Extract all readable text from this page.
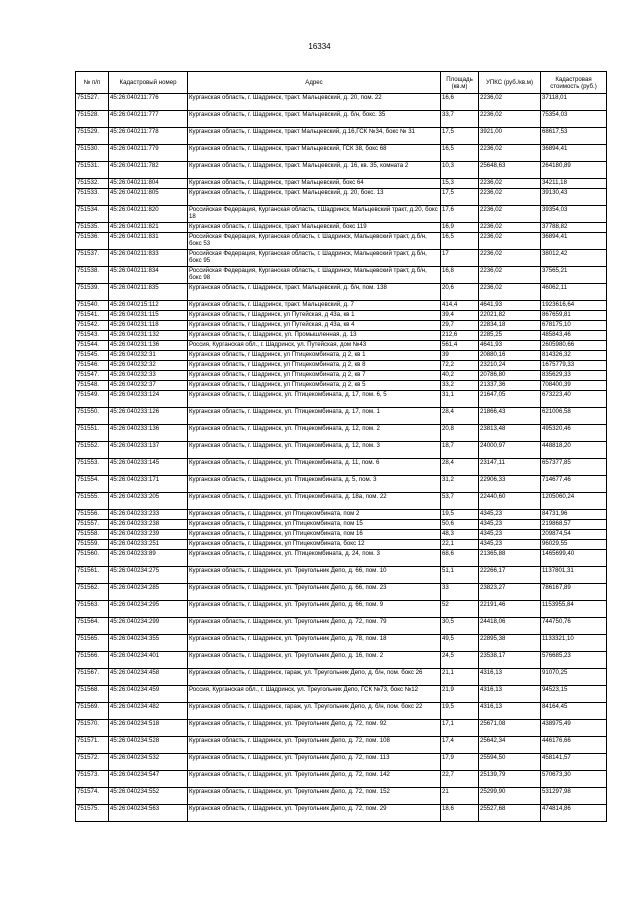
16334
№ п/п	Кадастровый номер	Адрес	Площадь (кв.м)	УПКС (руб./кв.м)	Кадастровая стоимость (руб.)
751527.	45:26:040211:776	Курганская область, г. Шадринск, тракт. Мальцевский, д. 20, пом. 22	16,6	2236,02	37118,01
751528.	45:26:040211:777	Курганская область, г. Шадринск, тракт. Мальцевский, д. б/н, бокс. 35	33,7	2236,02	75354,03
751529.	45:26:040211:778	Курганская область, г. Шадринск, тракт Мальцевский, д.16,ГСК №34, бокс № 31	17,5	3921,00	68617,53
751530.	45:26:040211:779	Курганская область, г. Шадринск, тракт Мальцевский, ГСК 38, бокс 68	16,5	2236,02	36894,41
751531.	45:26:040211:782	Курганская область, г. Шадринск, тракт. Мальцевский, д. 16, кв. 35, комната 2	10,3	25648,63	264180,89
751532.	45:26:040211:804	Курганская область, г. Шадринск, тракт Мальцевский, бокс 64	15,3	2236,02	34211,18
751533.	45:26:040211:805	Курганская область, г. Шадринск, тракт. Мальцевский, д. 20, бокс. 13	17,5	2236,02	39130,43
751534.	45:26:040211:820	Российская Федерация, Курганская область, г.Шадринск, Мальцевский тракт, д.20, бокс 18	17,6	2236,02	39354,03
751535.	45:26:040211:821	Курганская область, г. Шадринск, тракт Мальцевский, бокс 119	16,9	2236,02	37788,82
751536.	45:26:040211:831	Российская Федерация, Курганская область, г. Шадринск, Мальцевский тракт, д.б/н, бокс 53	16,5	2236,02	36894,41
751537.	45:26:040211:833	Российская Федерация, Курганская область, г. Шадринск, Мальцевский тракт, д.б/н, бокс 95	17	2236,02	38012,42
751538.	45:26:040211:834	Российская Федерация, Курганская область, г. Шадринск, Мальцевский тракт, д.б/н, бокс 98	16,8	2236,02	37565,21
751539.	45:26:040211:835	Курганская область, г. Шадринск, тракт. Мальцевский, д. б/н, пом. 138	20,6	2236,02	46062,11
751540.	45:26:040215:112	Курганская область, г. Шадринск, тракт. Мальцевский, д. 7	414,4	4641,93	1923616,64
751541.	45:26:040231:115	Курганская область, г Шадринск, ул Путейская, д 43а, кв 1	39,4	22021,82	867659,81
751542.	45:26:040231:118	Курганская область, г Шадринск, ул Путейская, д 43а, кв 4	29,7	22834,18	678175,10
751543.	45:26:040231:132	Курганская область, г. Шадринск, ул. Промышленная, д. 13	212,6	2285,25	485843,46
751544.	45:26:040231:136	Россия, Курганская обл., г. Шадринск, ул. Путейская, дом №43	561,4	4641,93	2605980,66
751545.	45:26:040232:31	Курганская область, г Шадринск, ул Птицекомбината, д 2, кв 1	39	20880,16	814326,32
751546.	45:26:040232:32	Курганская область, г Шадринск, ул Птицекомбината, д 2, кв 8	72,2	23210,24	1675779,33
751547.	45:26:040232:33	Курганская область, г Шадринск, ул Птицекомбината, д 2, кв 7	40,2	20786,80	835629,33
751548.	45:26:040232:37	Курганская область, г Шадринск, ул Птицекомбината, д 2, кв 5	33,2	21337,36	708400,39
751549.	45:26:040233:124	Курганская область, г. Шадринск, ул. Птицекомбината, д. 17, пом. 6, 5	31,1	21647,05	673223,40
751550.	45:26:040233:126	Курганская область, г. Шадринск, ул. Птицекомбината, д. 17, пом. 1	28,4	21866,43	621006,58
751551.	45:26:040233:136	Курганская область, г. Шадринск, ул. Птицекомбината, д. 12, пом. 2	20,8	23813,48	495320,46
751552.	45:26:040233:137	Курганская область, г. Шадринск, ул. Птицекомбината, д. 12, пом. 3	18,7	24000,97	448818,20
751553.	45:26:040233:145	Курганская область, г. Шадринск, ул. Птицекомбината, д. 11, пом. 6	28,4	23147,11	657377,85
751554.	45:26:040233:171	Курганская область, г. Шадринск, ул. Птицекомбината, д. 5, пом. 3	31,2	22906,33	714677,46
751555.	45:26:040233:205	Курганская область, г. Шадринск, ул. Птицекомбината, д. 18а, пом. 22	53,7	22440,60	1205060,24
751556.	45:26:040233:233	Курганская область, г. Шадринск, ул Птицекомбината, пом 2	19,5	4345,23	84731,96
751557.	45:26:040233:238	Курганская область, г. Шадринск, ул Птицекомбината, пом 15	50,6	4345,23	219868,57
751558.	45:26:040233:239	Курганская область, г. Шадринск, ул Птицекомбината, пом 16	48,3	4345,23	209874,54
751559.	45:26:040233:251	Курганская область, г. Шадринск, ул Птицекомбината, бокс 12	22,1	4345,23	96029,55
751560.	45:26:040233:89	Курганская область, г. Шадринск, ул. Птицекомбината, д. 24, пом. 3	68,6	21365,88	1465699,40
751561.	45:26:040234:275	Курганская область, г. Шадринск, ул. Треугольник Депо, д. 66, пом. 10	51,1	22266,17	1137801,31
751562.	45:26:040234:285	Курганская область, г. Шадринск, ул. Треугольник Депо, д. 66, пом. 23	33	23823,27	786167,89
751563.	45:26:040234:295	Курганская область, г. Шадринск, ул. Треугольник Депо, д. 66, пом. 9	52	22191,46	1153955,84
751564.	45:26:040234:299	Курганская область, г. Шадринск, ул. Треугольник Депо, д. 72, пом. 79	30,5	24418,06	744750,76
751565.	45:26:040234:355	Курганская область, г. Шадринск, ул. Треугольник Депо, д. 78, пом. 18	49,5	22895,38	1133321,10
751566.	45:26:040234:401	Курганская область, г. Шадринск, ул. Треугольник Депо, д. 16, пом. 2	24,5	23538,17	576685,23
751567.	45:26:040234:458	Курганская область, г. Шадринск, гараж, ул. Треугольник Депо, д. б/н, пом. бокс 26	21,1	4316,13	91070,25
751568.	45:26:040234:459	Россия, Курганская обл., г. Шадринск, ул. Треугольник Депо, ГСК №73, бокс №12	21,9	4316,13	94523,15
751569.	45:26:040234:482	Курганская область, г. Шадринск, гараж, ул. Треугольник Депо, д. б/н, пом. бокс 22	19,5	4316,13	84164,45
751570.	45:26:040234:518	Курганская область, г. Шадринск, ул. Треугольник Депо, д. 72, пом. 92	17,1	25671,08	438975,49
751571.	45:26:040234:528	Курганская область, г. Шадринск, ул. Треугольник Депо, д. 72, пом. 108	17,4	25642,34	446176,66
751572.	45:26:040234:532	Курганская область, г. Шадринск, ул. Треугольник Депо, д. 72, пом. 113	17,9	25594,50	458141,57
751573.	45:26:040234:547	Курганская область, г. Шадринск, ул. Треугольник Депо, д. 72, пом. 142	22,7	25139,79	570673,30
751574.	45:26:040234:552	Курганская область, г. Шадринск, ул. Треугольник Депо, д. 72, пом. 152	21	25299,90	531297,98
751575.	45:26:040234:563	Курганская область, г. Шадринск, ул. Треугольник Депо, д. 72, пом. 29	18,6	25527,68	474814,86
